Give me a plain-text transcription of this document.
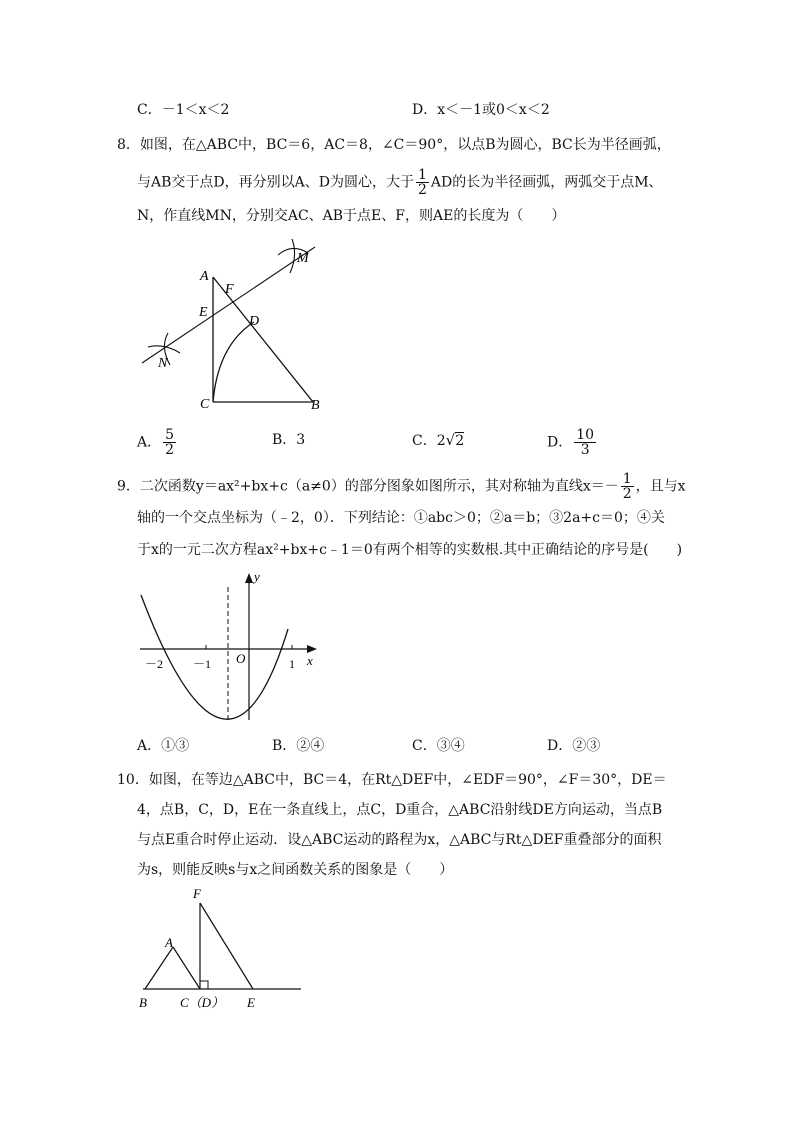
C．－1＜x＜2	D．x＜－1或0＜x＜2
8．如图，在△ABC中，BC＝6，AC＝8，∠C＝90°，以点B为圆心，BC长为半径画弧，
与AB交于点D，再分别以A、D为圆心，大于 $\frac{1}{2}$ AD的长为半径画弧，两弧交于点M、
N，作直线MN，分别交AC、AB于点E、F，则AE的长度为（　　）
A
F
M
E
D
N
C	B
A． $\frac{5}{2}$	B．3	C．2√2	D． $\frac{10}{3}$
9．二次函数y＝ax²+bx+c（a≠0）的部分图象如图所示，其对称轴为直线$x=- \frac{1}{2}$ ，且与x
轴的一个交点坐标为（﹣2，0）．下列结论：①abc＞0；②a＝b；③2a+c＝0；④关
于x的一元二次方程ax²+bx+c﹣1＝0有两个相等的实数根.其中正确结论的序号是(　　)
y
x
O
－2 －1	1
A．①③	B．②④	C．③④	D．②③
10．如图，在等边△ABC中，BC＝4，在Rt△DEF中，∠EDF＝90°，∠F＝30°，DE＝
4，点B，C，D，E在一条直线上，点C，D重合，△ABC沿射线DE方向运动，当点B
与点E重合时停止运动．设△ABC运动的路程为x，△ABC与Rt△DEF重叠部分的面积
为s，则能反映s与x之间函数关系的图象是（　　）
F
A
B	C（D） E
